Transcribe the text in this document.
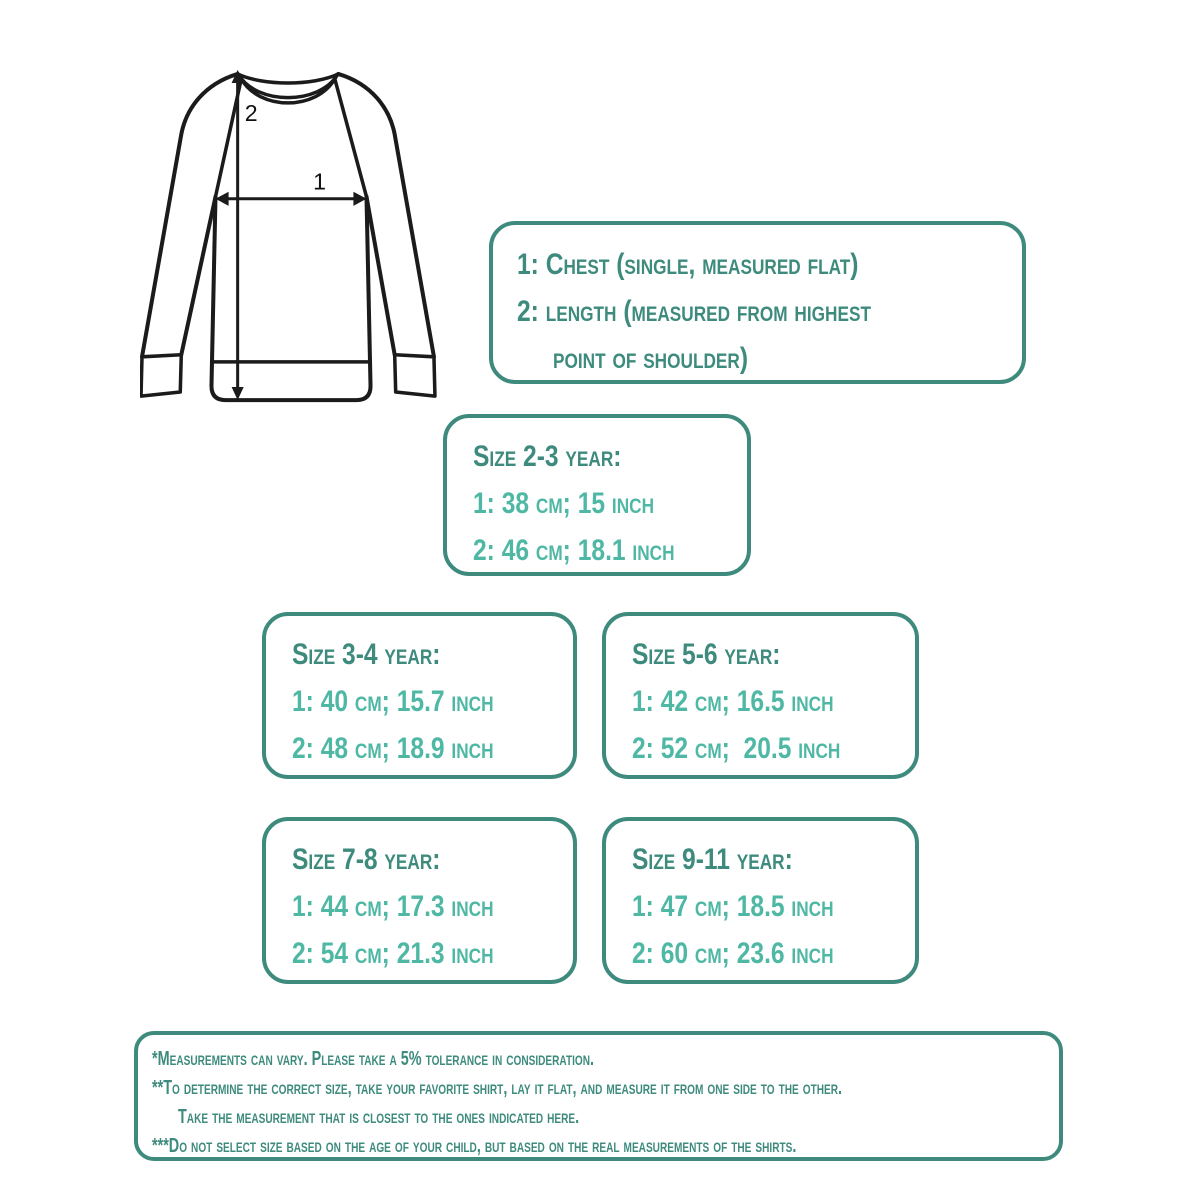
2
1
1: Chest (single, measured flat)
2: length (measured from highest
point of shoulder)
Size 2-3 year:
1: 38 cm; 15 inch
2: 46 cm; 18.1 inch
Size 3-4 year:
1: 40 cm; 15.7 inch
2: 48 cm; 18.9 inch
Size 5-6 year:
1: 42 cm; 16.5 inch
2: 52 cm;  20.5 inch
Size 7-8 year:
1: 44 cm; 17.3 inch
2: 54 cm; 21.3 inch
Size 9-11 year:
1: 47 cm; 18.5 inch
2: 60 cm; 23.6 inch
*Measurements can vary. Please take a 5% tolerance in consideration.
**To determine the correct size, take your favorite shirt, lay it flat, and measure it from one side to the other.
Take the measurement that is closest to the ones indicated here.
***Do not select size based on the age of your child, but based on the real measurements of the shirts.
